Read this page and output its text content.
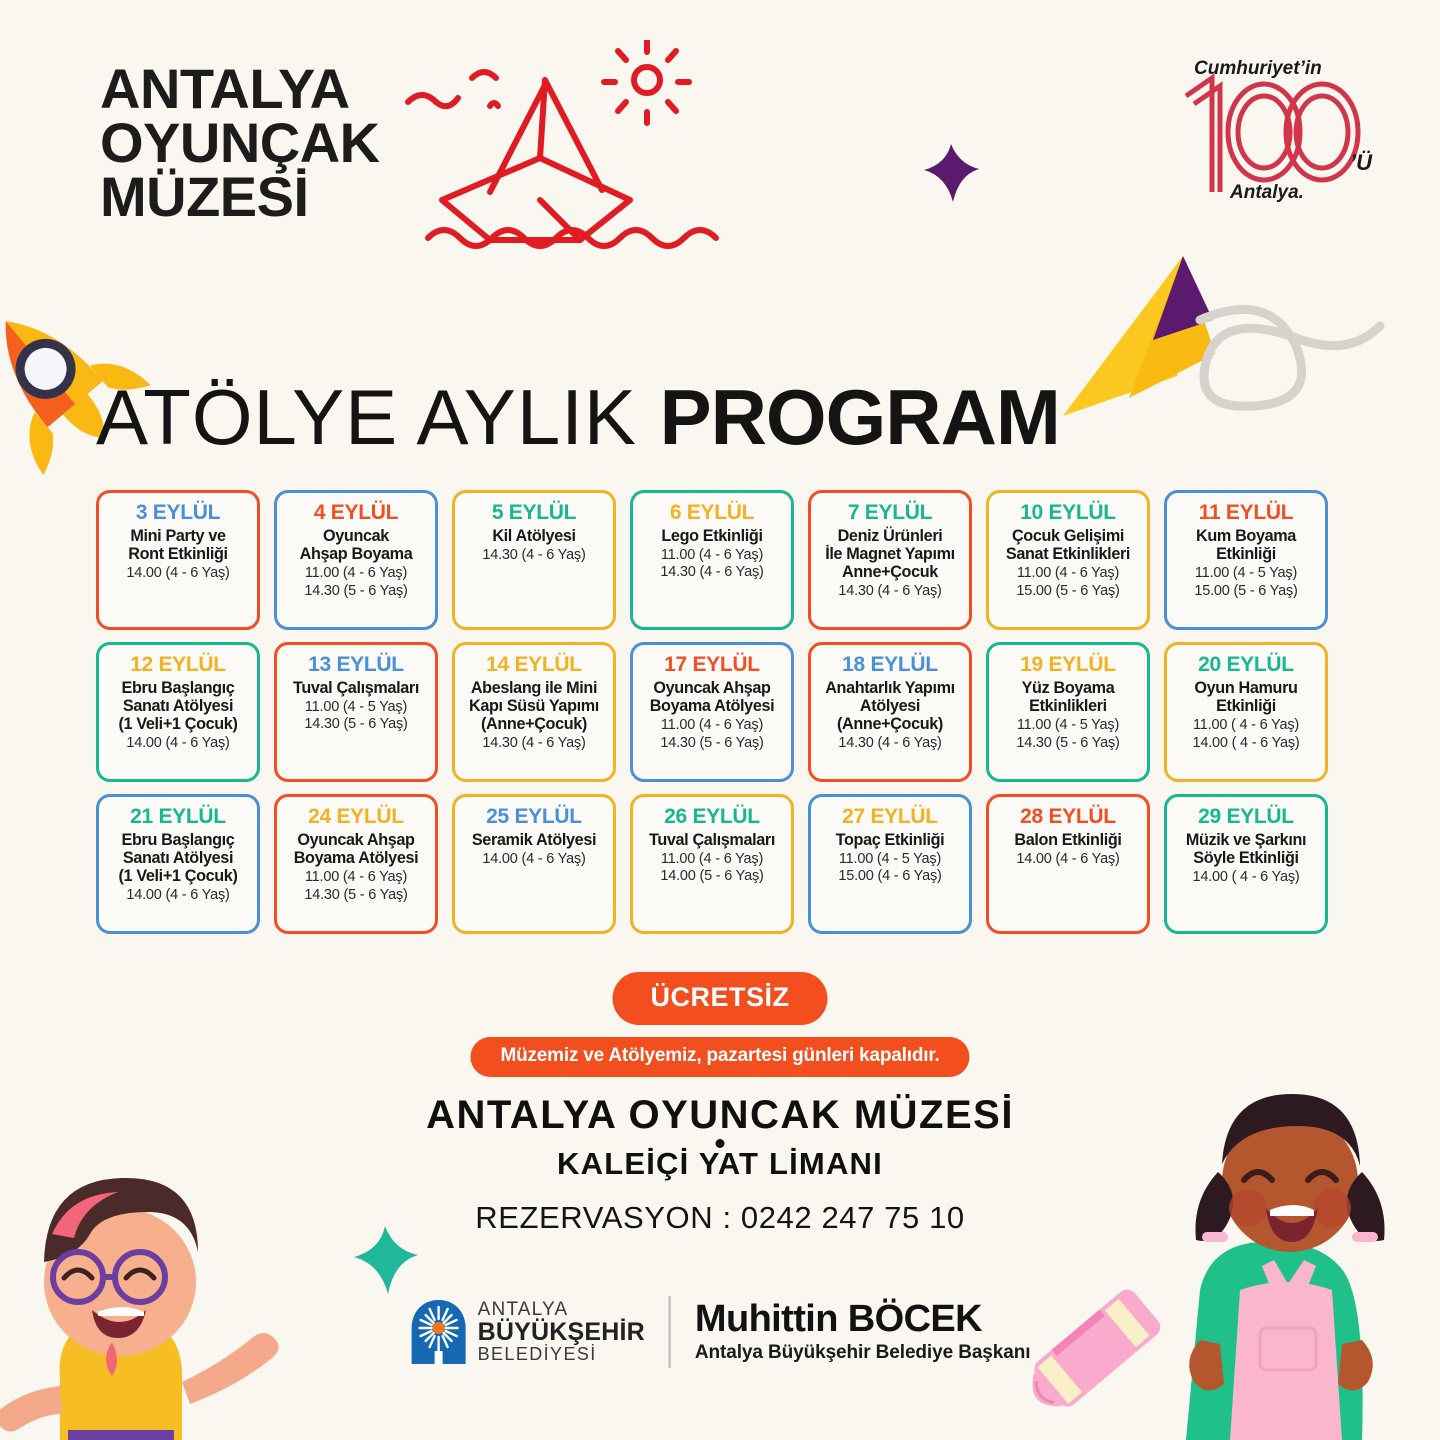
ANTALYA
OYUNÇAK
MÜZESİ
Cumhuriyet’in
’Ü
Antalya.
ATÖLYE AYLIK PROGRAM
3 EYLÜL
Mini Party ve
Ront Etkinliği
14.00 (4 - 6 Yaş)
4 EYLÜL
Oyuncak
Ahşap Boyama
11.00 (4 - 6 Yaş)
14.30 (5 - 6 Yaş)
5 EYLÜL
Kil Atölyesi
14.30 (4 - 6 Yaş)
6 EYLÜL
Lego Etkinliği
11.00 (4 - 6 Yaş)
14.30 (4 - 6 Yaş)
7 EYLÜL
Deniz Ürünleri
İle Magnet Yapımı
Anne+Çocuk
14.30 (4 - 6 Yaş)
10 EYLÜL
Çocuk Gelişimi
Sanat Etkinlikleri
11.00 (4 - 6 Yaş)
15.00 (5 - 6 Yaş)
11 EYLÜL
Kum Boyama
Etkinliği
11.00 (4 - 5 Yaş)
15.00 (5 - 6 Yaş)
12 EYLÜL
Ebru Başlangıç
Sanatı Atölyesi
(1 Veli+1 Çocuk)
14.00 (4 - 6 Yaş)
13 EYLÜL
Tuval Çalışmaları
11.00 (4 - 5 Yaş)
14.30 (5 - 6 Yaş)
14 EYLÜL
Abeslang ile Mini
Kapı Süsü Yapımı
(Anne+Çocuk)
14.30 (4 - 6 Yaş)
17 EYLÜL
Oyuncak Ahşap
Boyama Atölyesi
11.00 (4 - 6 Yaş)
14.30 (5 - 6 Yaş)
18 EYLÜL
Anahtarlık Yapımı
Atölyesi
(Anne+Çocuk)
14.30 (4 - 6 Yaş)
19 EYLÜL
Yüz Boyama
Etkinlikleri
11.00 (4 - 5 Yaş)
14.30 (5 - 6 Yaş)
20 EYLÜL
Oyun Hamuru
Etkinliği
11.00 ( 4 - 6 Yaş)
14.00 ( 4 - 6 Yaş)
21 EYLÜL
Ebru Başlangıç
Sanatı Atölyesi
(1 Veli+1 Çocuk)
14.00 (4 - 6 Yaş)
24 EYLÜL
Oyuncak Ahşap
Boyama Atölyesi
11.00 (4 - 6 Yaş)
14.30 (5 - 6 Yaş)
25 EYLÜL
Seramik Atölyesi
14.00 (4 - 6 Yaş)
26 EYLÜL
Tuval Çalışmaları
11.00 (4 - 6 Yaş)
14.00 (5 - 6 Yaş)
27 EYLÜL
Topaç Etkinliği
11.00 (4 - 5 Yaş)
15.00 (4 - 6 Yaş)
28 EYLÜL
Balon Etkinliği
14.00 (4 - 6 Yaş)
29 EYLÜL
Müzik ve Şarkını
Söyle Etkinliği
14.00 ( 4 - 6 Yaş)
ÜCRETSİZ
Müzemiz ve Atölyemiz, pazartesi günleri kapalıdır.
ANTALYA OYUNCAK MÜZESİ
KALEİÇİ YAT LİMANI
REZERVASYON : 0242 247 75 10
ANTALYA
BÜYÜKŞEHİR
BELEDİYESİ
Muhittin BÖCEK
Antalya Büyükşehir Belediye Başkanı
